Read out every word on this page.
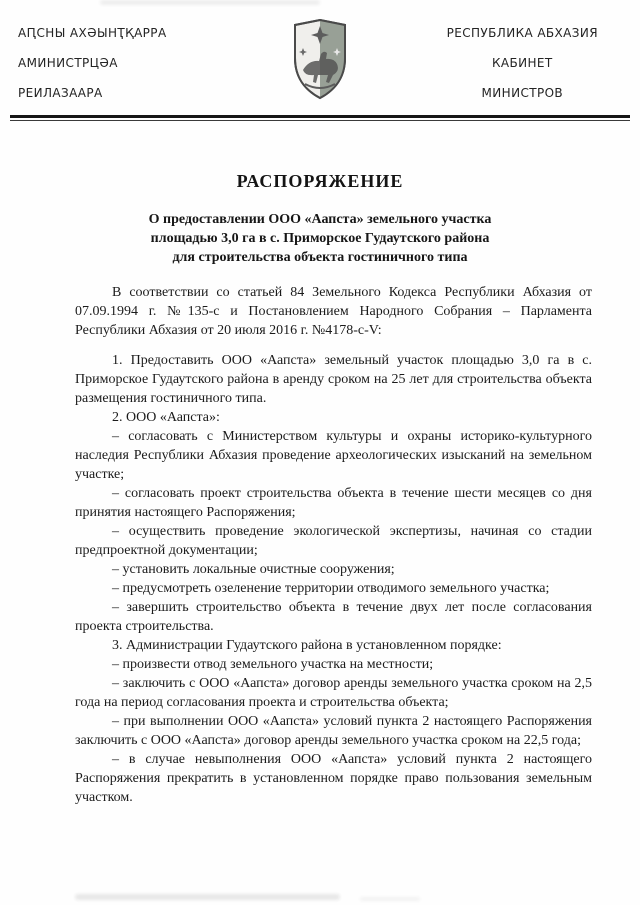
АԤСНЫ АХӘЫНҬҚАРРА
АМИНИСТРЦӘА
РЕИЛАЗААРА
РЕСПУБЛИКА АБХАЗИЯ
КАБИНЕТ
МИНИСТРОВ
РАСПОРЯЖЕНИЕ
О предоставлении ООО «Аапста» земельного участка
площадью 3,0 га в с. Приморское Гудаутского района
для строительства объекта гостиничного типа

В соответствии со статьей 84 Земельного Кодекса Республики Абхазия от 07.09.1994 г. №135-с и Постановлением Народного Собрания – Парламента Республики Абхазия от 20 июля 2016 г. №4178-с-V:

1. Предоставить ООО «Аапста» земельный участок площадью 3,0 га в с. Приморское Гудаутского района в аренду сроком на 25 лет для строительства объекта размещения гостиничного типа.

2. ООО «Аапста»:

– согласовать с Министерством культуры и охраны историко-культурного наследия Республики Абхазия проведение археологических изысканий на земельном участке;

– согласовать проект строительства объекта в течение шести месяцев со дня принятия настоящего Распоряжения;

– осуществить проведение экологической экспертизы, начиная со стадии предпроектной документации;

– установить локальные очистные сооружения;

– предусмотреть озеленение территории отводимого земельного участка;

– завершить строительство объекта в течение двух лет после согласования проекта строительства.

3. Администрации Гудаутского района в установленном порядке:

– произвести отвод земельного участка на местности;

– заключить с ООО «Аапста» договор аренды земельного участка сроком на 2,5 года на период согласования проекта и строительства объекта;

– при выполнении ООО «Аапста» условий пункта 2 настоящего Распоряжения заключить с ООО «Аапста» договор аренды земельного участка сроком на 22,5 года;

– в случае невыполнения ООО «Аапста» условий пункта 2 настоящего Распоряжения прекратить в установленном порядке право пользования земельным участком.
